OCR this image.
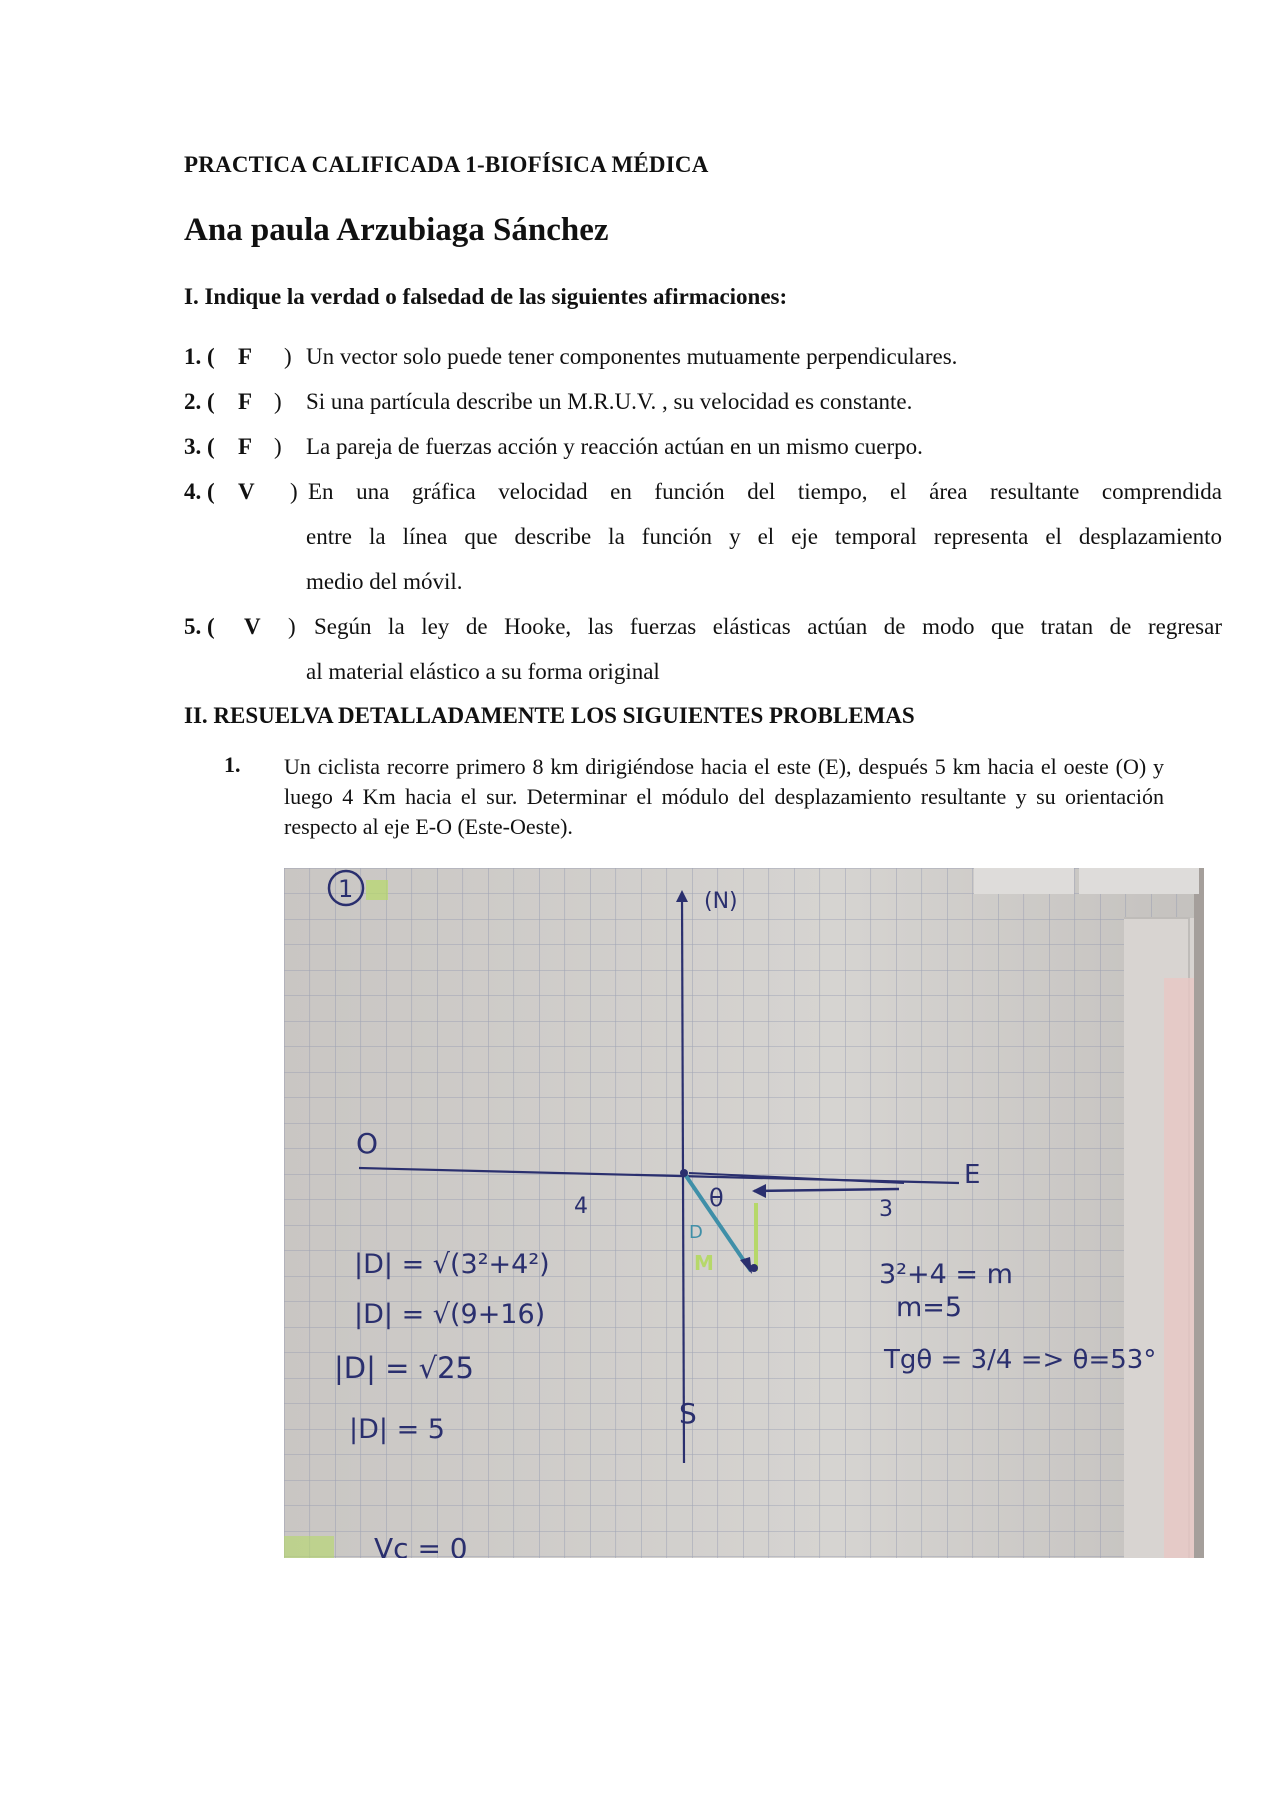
PRACTICA CALIFICADA 1-BIOFÍSICA MÉDICA
Ana paula Arzubiaga Sánchez
I. Indique la verdad o falsedad de las siguientes afirmaciones:
1. ( F ) Un vector solo puede tener componentes mutuamente perpendiculares.
2. ( F ) Si una partícula describe un M.R.U.V. , su velocidad es constante.
3. ( F ) La pareja de fuerzas acción y reacción actúan en un mismo cuerpo.
4. ( V ) En una gráfica velocidad en función del tiempo, el área resultante comprendida
entre la línea que describe la función y el eje temporal representa el desplazamiento
medio del móvil.
5. ( V ) Según la ley de Hooke, las fuerzas elásticas actúan de modo que tratan de regresar
al material elástico a su forma original
II. RESUELVA DETALLADAMENTE LOS SIGUIENTES PROBLEMAS
1. Un ciclista recorre primero 8 km dirigiéndose hacia el este (E), después 5 km hacia el oeste (O) y luego 4 Km hacia el sur. Determinar el módulo del desplazamiento resultante y su orientación respecto al eje E-O (Este-Oeste).
1	(N)
E
O
S
4	3
θ
D
M
|D| = √(3²+4²)
|D| = √(9+16)
|D| = √25
|D| = 5
3²+4 = m
m=5
Tgθ = 3/4 => θ=53°
Vc = 0
